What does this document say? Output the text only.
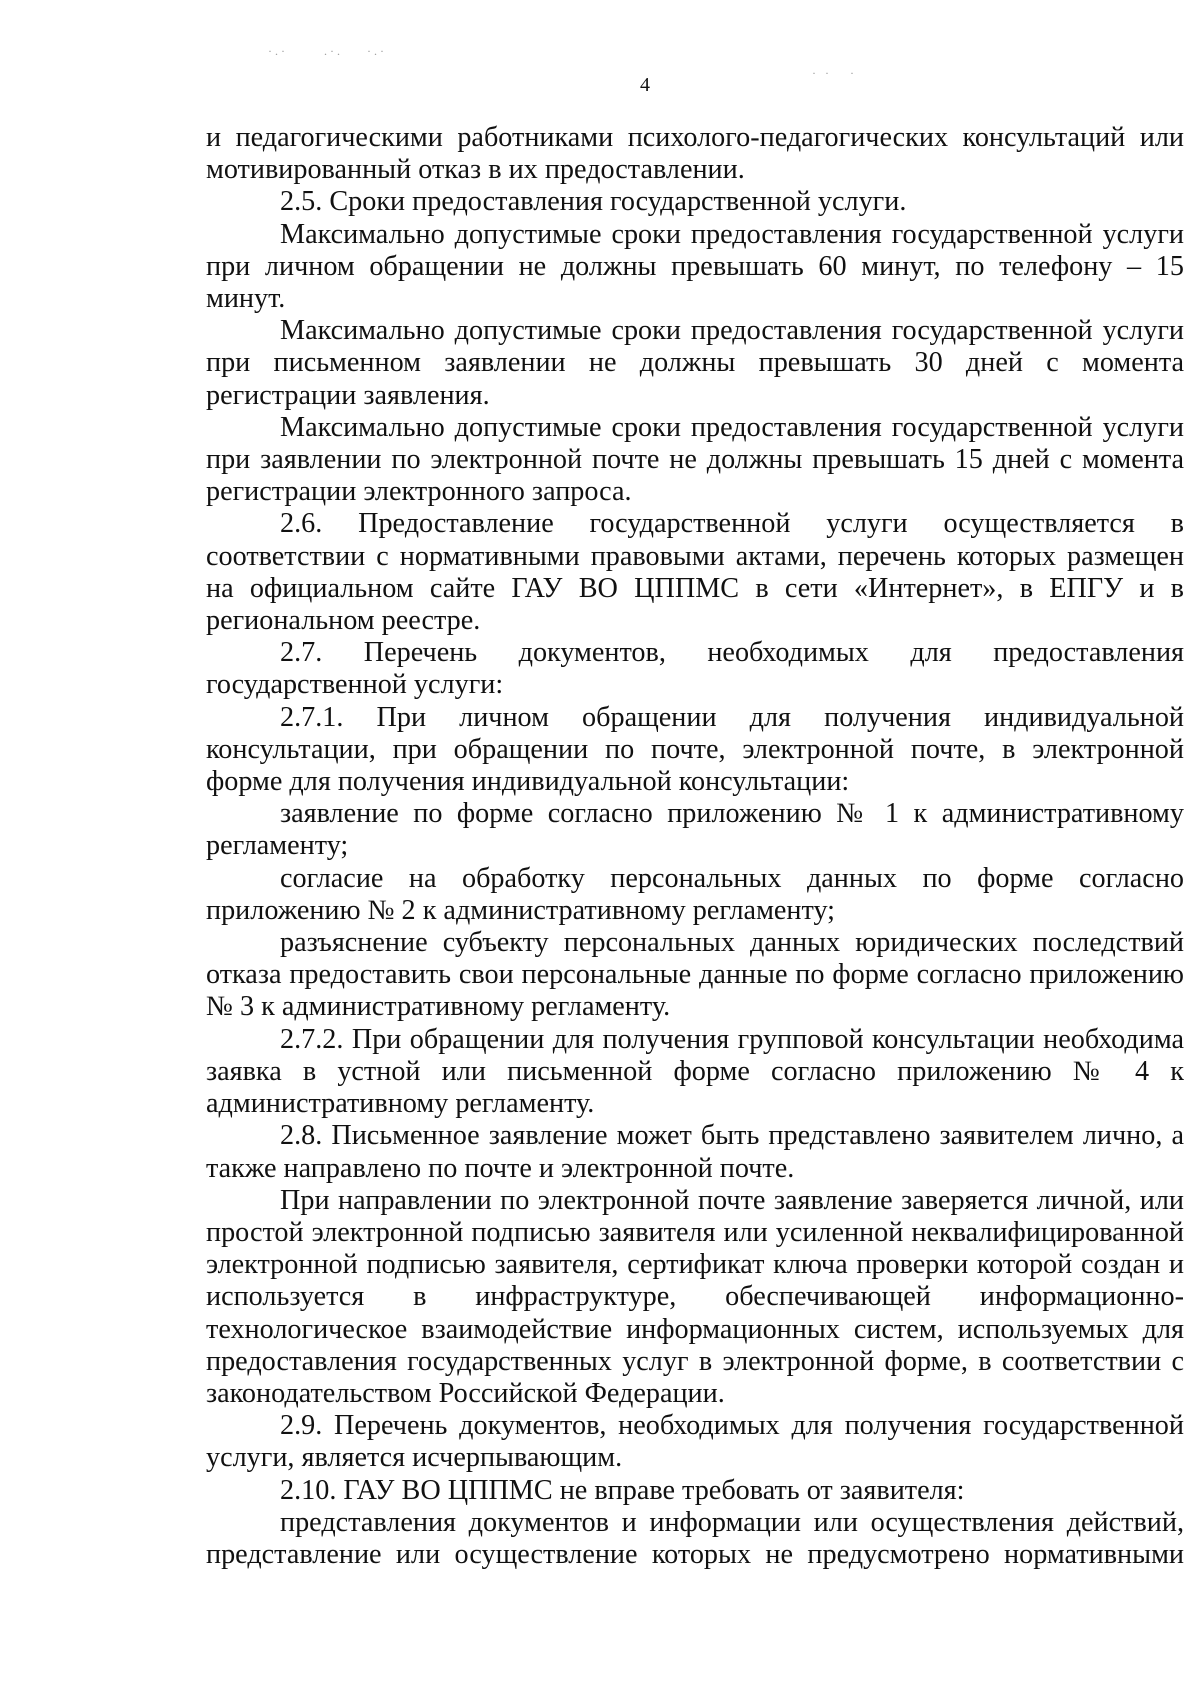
·.·      .·.    ·.·
· ·   ·
4

и педагогическими работниками психолого-педагогических консультаций или мотивированный отказ в их предоставлении.

2.5. Сроки предоставления государственной услуги.

Максимально допустимые сроки предоставления государственной услуги при личном обращении не должны превышать 60 минут, по телефону – 15 минут.

Максимально допустимые сроки предоставления государственной услуги при письменном заявлении не должны превышать 30 дней с момента регистрации заявления.

Максимально допустимые сроки предоставления государственной услуги при заявлении по электронной почте не должны превышать 15 дней с момента регистрации электронного запроса.

2.6. Предоставление государственной услуги осуществляется в соответствии с нормативными правовыми актами, перечень которых размещен на официальном сайте ГАУ ВО ЦППМС в сети «Интернет», в ЕПГУ и в региональном реестре.

2.7. Перечень документов, необходимых для предоставления государственной услуги:

2.7.1. При личном обращении для получения индивидуальной консультации, при обращении по почте, электронной почте, в электронной форме для получения индивидуальной консультации:

заявление по форме согласно приложению № 1 к административному регламенту;

согласие на обработку персональных данных по форме согласно приложению № 2 к административному регламенту;

разъяснение субъекту персональных данных юридических последствий отказа предоставить свои персональные данные по форме согласно приложению № 3 к административному регламенту.

2.7.2. При обращении для получения групповой консультации необходима заявка в устной или письменной форме согласно приложению № 4 к административному регламенту.

2.8. Письменное заявление может быть представлено заявителем лично, а также направлено по почте и электронной почте.

При направлении по электронной почте заявление заверяется личной, или простой электронной подписью заявителя или усиленной неквалифицированной электронной подписью заявителя, сертификат ключа проверки которой создан и используется в инфраструктуре, обеспечивающей информационно-технологическое взаимодействие информационных систем, используемых для предоставления государственных услуг в электронной форме, в соответствии с законодательством Российской Федерации.

2.9. Перечень документов, необходимых для получения государственной услуги, является исчерпывающим.

2.10. ГАУ ВО ЦППМС не вправе требовать от заявителя:

представления документов и информации или осуществления действий, представление или осуществление которых не предусмотрено нормативными
